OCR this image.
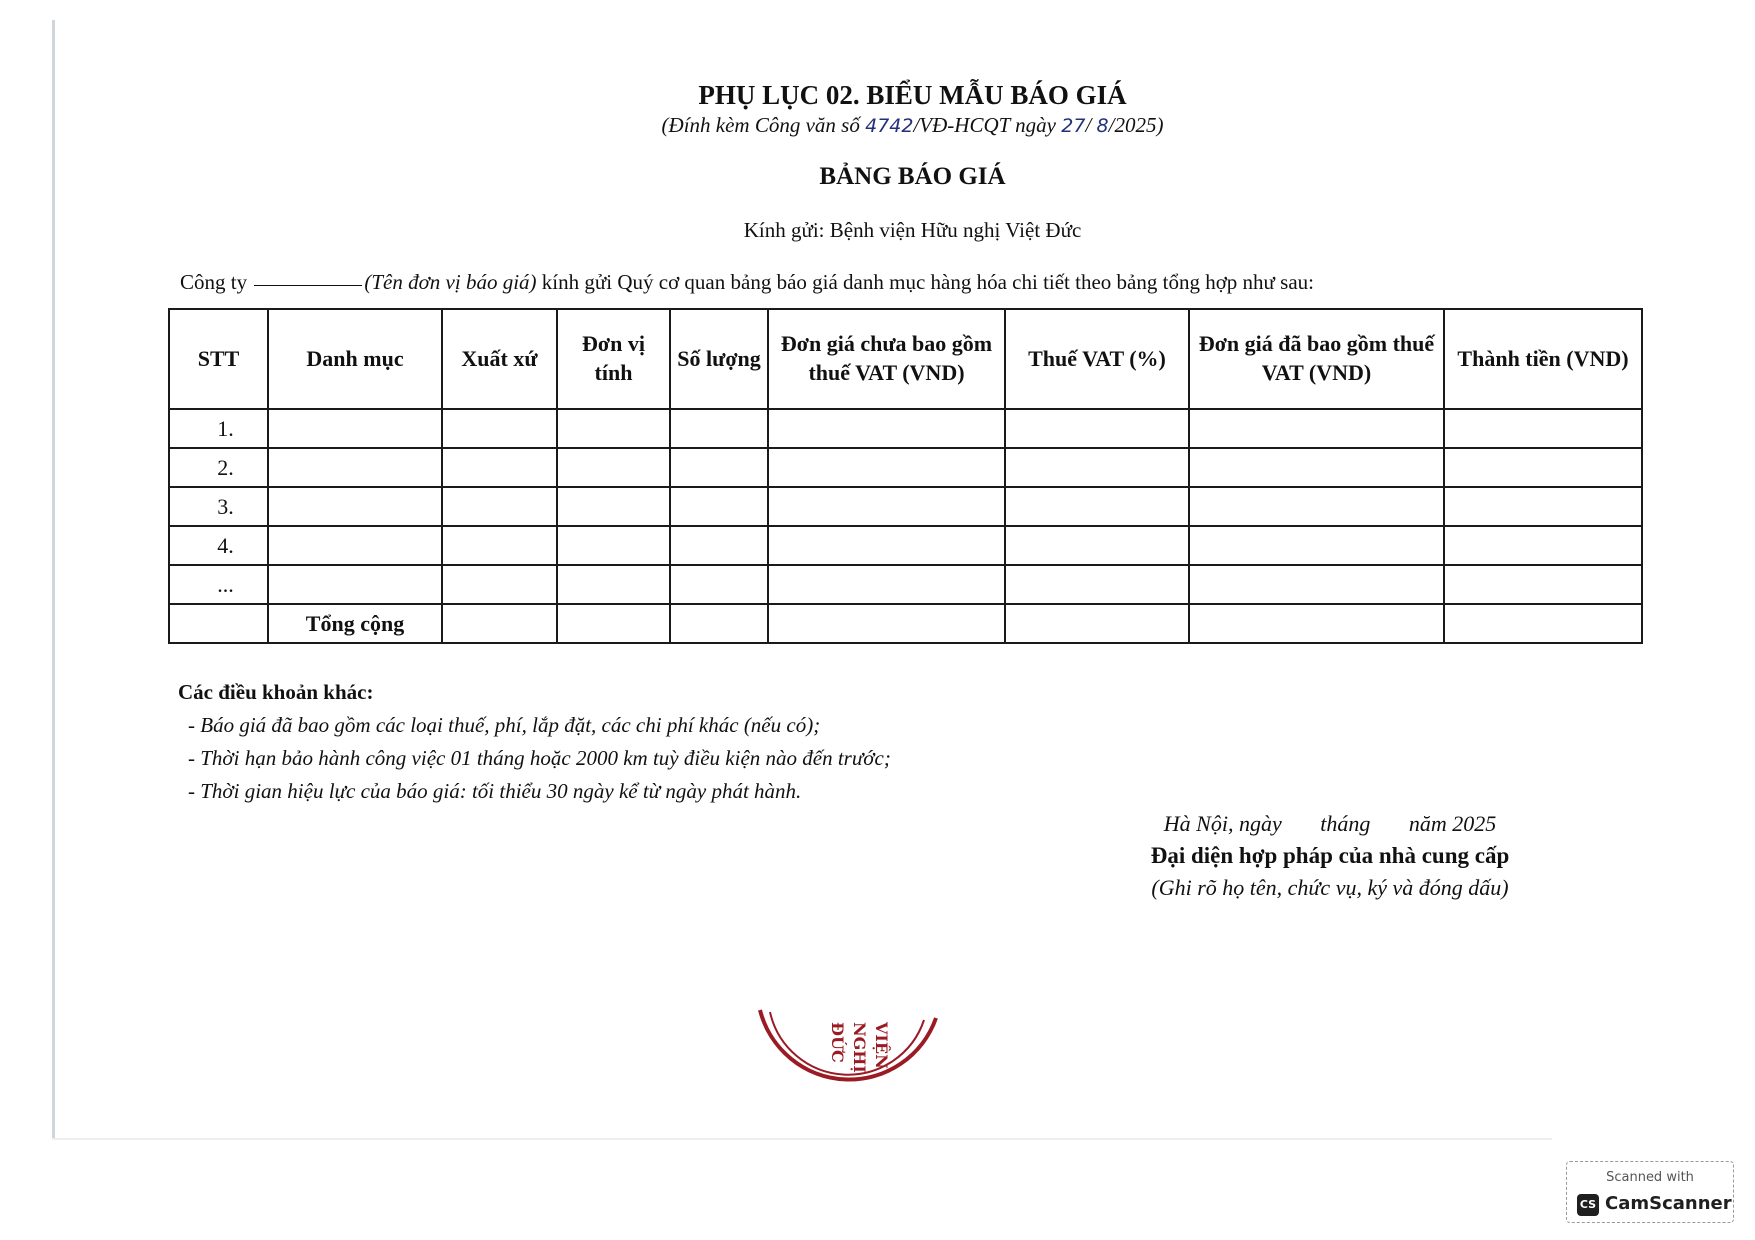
PHỤ LỤC 02. BIỂU MẪU BÁO GIÁ
(Đính kèm Công văn số 4742/VĐ-HCQT ngày 27/ 8/2025)
BẢNG BÁO GIÁ
Kính gửi: Bệnh viện Hữu nghị Việt Đức
Công ty	(Tên đơn vị báo giá) kính gửi Quý cơ quan bảng báo giá danh mục hàng hóa chi tiết theo bảng tổng hợp như sau:
STT	Danh mục	Xuất xứ	Đơn vị tính	Số lượng	Đơn giá chưa bao gồm thuế VAT (VND)	Thuế VAT (%)	Đơn giá đã bao gồm thuế VAT (VND)	Thành tiền (VND)
1.								
2.								
3.								
4.								
...								
	Tổng cộng							
Các điều khoản khác:
- Báo giá đã bao gồm các loại thuế, phí, lắp đặt, các chi phí khác (nếu có);
- Thời hạn bảo hành công việc 01 tháng hoặc 2000 km tuỳ điều kiện nào đến trước;
- Thời gian hiệu lực của báo giá: tối thiểu 30 ngày kể từ ngày phát hành.
Hà Nội, ngày       tháng       năm 2025
Đại diện hợp pháp của nhà cung cấp
(Ghi rõ họ tên, chức vụ, ký và đóng dấu)
VIỆN
NGHỊ
ĐỨC
Scanned with
CS CamScanner
